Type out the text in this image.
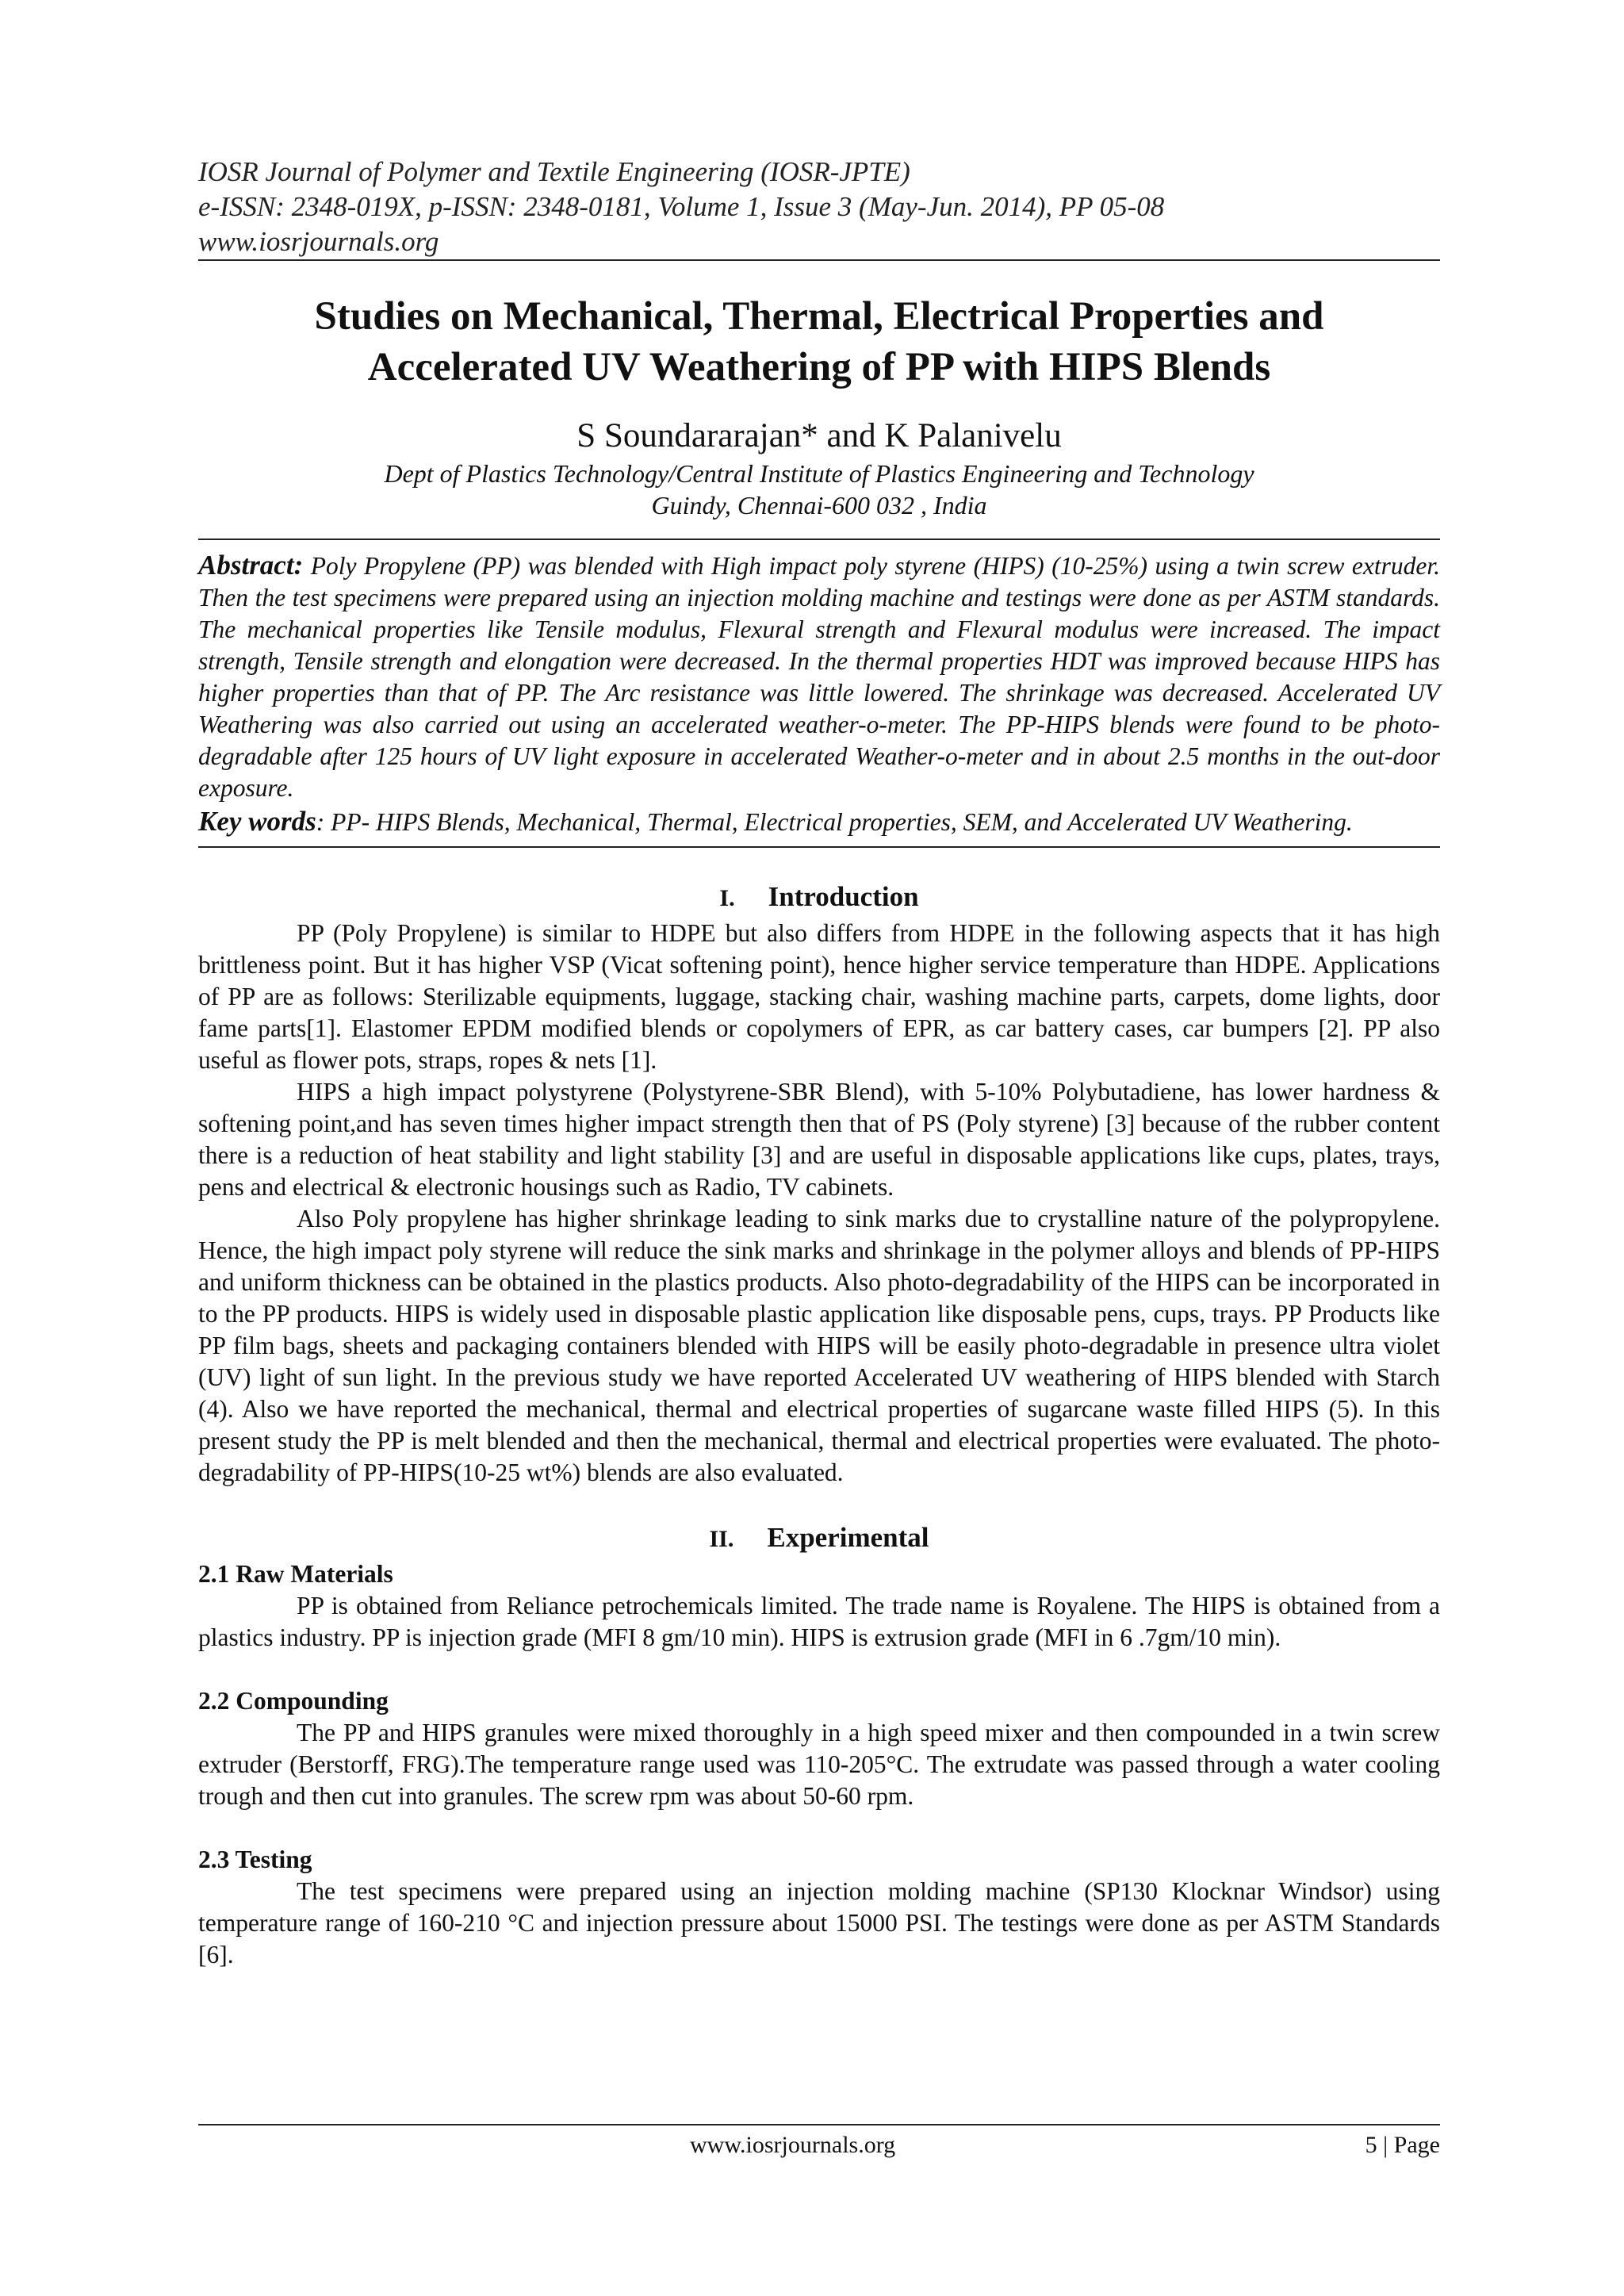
IOSR Journal of Polymer and Textile Engineering (IOSR-JPTE)
e-ISSN: 2348-019X, p-ISSN: 2348-0181, Volume 1, Issue 3 (May-Jun. 2014), PP 05-08
www.iosrjournals.org
Studies on Mechanical, Thermal, Electrical Properties and
Accelerated UV Weathering of PP with HIPS Blends
S Soundararajan* and K Palanivelu
Dept of Plastics Technology/Central Institute of Plastics Engineering and Technology
Guindy, Chennai-600 032 , India
Abstract: Poly Propylene (PP) was blended with High impact poly styrene (HIPS) (10-25%) using a twin screw extruder. Then the test specimens were prepared using an injection molding machine and testings were done as per ASTM standards. The mechanical properties like Tensile modulus, Flexural strength and Flexural modulus were increased. The impact strength, Tensile strength and elongation were decreased. In the thermal properties HDT was improved because HIPS has higher properties than that of PP. The Arc resistance was little lowered. The shrinkage was decreased. Accelerated UV Weathering was also carried out using an accelerated weather-o-meter. The PP-HIPS blends were found to be photo-degradable after 125 hours of UV light exposure in accelerated Weather-o-meter and in about 2.5 months in the out-door exposure.
Key words: PP- HIPS Blends, Mechanical, Thermal, Electrical properties, SEM, and Accelerated UV Weathering.
I. Introduction

PP (Poly Propylene) is similar to HDPE but also differs from HDPE in the following aspects that it has high brittleness point. But it has higher VSP (Vicat softening point), hence higher service temperature than HDPE. Applications of PP are as follows: Sterilizable equipments, luggage, stacking chair, washing machine parts, carpets, dome lights, door fame parts[1]. Elastomer EPDM modified blends or copolymers of EPR, as car battery cases, car bumpers [2]. PP also useful as flower pots, straps, ropes & nets [1].

HIPS a high impact polystyrene (Polystyrene-SBR Blend), with 5-10% Polybutadiene, has lower hardness & softening point,and has seven times higher impact strength then that of PS (Poly styrene) [3] because of the rubber content there is a reduction of heat stability and light stability [3] and are useful in disposable applications like cups, plates, trays, pens and electrical & electronic housings such as Radio, TV cabinets.

Also Poly propylene has higher shrinkage leading to sink marks due to crystalline nature of the polypropylene. Hence, the high impact poly styrene will reduce the sink marks and shrinkage in the polymer alloys and blends of PP-HIPS and uniform thickness can be obtained in the plastics products. Also photo-degradability of the HIPS can be incorporated in to the PP products. HIPS is widely used in disposable plastic application like disposable pens, cups, trays. PP Products like PP film bags, sheets and packaging containers blended with HIPS will be easily photo-degradable in presence ultra violet (UV) light of sun light. In the previous study we have reported Accelerated UV weathering of HIPS blended with Starch (4). Also we have reported the mechanical, thermal and electrical properties of sugarcane waste filled HIPS (5). In this present study the PP is melt blended and then the mechanical, thermal and electrical properties were evaluated. The photo- degradability of PP-HIPS(10-25 wt%) blends are also evaluated.

II. Experimental
2.1 Raw Materials

PP is obtained from Reliance petrochemicals limited. The trade name is Royalene. The HIPS is obtained from a plastics industry. PP is injection grade (MFI 8 gm/10 min). HIPS is extrusion grade (MFI in 6 .7gm/10 min).

2.2 Compounding

The PP and HIPS granules were mixed thoroughly in a high speed mixer and then compounded in a twin screw extruder (Berstorff, FRG).The temperature range used was 110-205°C. The extrudate was passed through a water cooling trough and then cut into granules. The screw rpm was about 50-60 rpm.

2.3 Testing

The test specimens were prepared using an injection molding machine (SP130 Klocknar Windsor) using temperature range of 160-210 °C and injection pressure about 15000 PSI. The testings were done as per ASTM Standards [6].

www.iosrjournals.org	5 | Page
